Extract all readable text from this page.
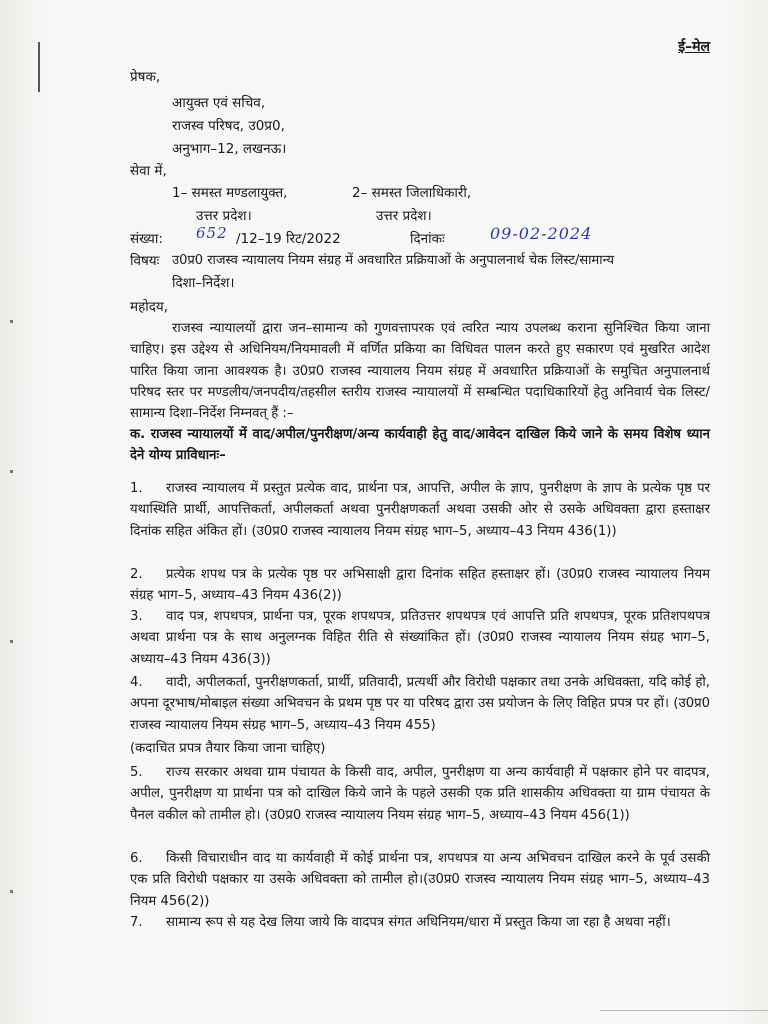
ई–मेल
प्रेषक,
आयुक्त एवं सचिव,
राजस्व परिषद, उ0प्र0,
अनुभाग–12, लखनऊ।
सेवा में,
1– समस्त मण्डलायुक्त,
उत्तर प्रदेश।
2– समस्त जिलाधिकारी,
उत्तर प्रदेश।
संख्या: 652 /12–19 रिट/2022	दिनांकः	09-02-2024
विषयः उ0प्र0 राजस्व न्यायालय नियम संग्रह में अवधारित प्रक्रियाओं के अनुपालनार्थ चेक लिस्ट/सामान्य
दिशा–निर्देश।
महोदय,
राजस्व न्यायालयों द्वारा जन–सामान्य को गुणवत्तापरक एवं त्वरित न्याय उपलब्ध कराना सुनिश्चित किया जाना चाहिए। इस उद्देश्य से अधिनियम/नियमावली में वर्णित प्रकिया का विधिवत पालन करते हुए सकारण एवं मुखरित आदेश पारित किया जाना आवश्यक है। उ0प्र0 राजस्व न्यायालय नियम संग्रह में अवधारित प्रक्रियाओं के समुचित अनुपालनार्थ परिषद स्तर पर मण्डलीय/जनपदीय/तहसील स्तरीय राजस्व न्यायालयों में सम्बन्धित पदाधिकारियों हेतु अनिवार्य चेक लिस्ट/सामान्य दिशा–निर्देश निम्नवत् हैं :–
क. राजस्व न्यायालयों में वाद/अपील/पुनरीक्षण/अन्य कार्यवाही हेतु वाद/आवेदन दाखिल किये जाने के समय विशेष ध्यान देने योग्य प्राविधानः–
1. राजस्व न्यायालय में प्रस्तुत प्रत्येक वाद, प्रार्थना पत्र, आपत्ति, अपील के ज्ञाप, पुनरीक्षण के ज्ञाप के प्रत्येक पृष्ठ पर यथास्थिति प्रार्थी, आपत्तिकर्ता, अपीलकर्ता अथवा पुनरीक्षणकर्ता अथवा उसकी ओर से उसके अधिवक्ता द्वारा हस्ताक्षर दिनांक सहित अंकित हों। (उ0प्र0 राजस्व न्यायालय नियम संग्रह भाग–5, अध्याय–43 नियम 436(1))
2. प्रत्येक शपथ पत्र के प्रत्येक पृष्ठ पर अभिसाक्षी द्वारा दिनांक सहित हस्ताक्षर हों। (उ0प्र0 राजस्व न्यायालय नियम संग्रह भाग–5, अध्याय–43 नियम 436(2))
3. वाद पत्र, शपथपत्र, प्रार्थना पत्र, पूरक शपथपत्र, प्रतिउत्तर शपथपत्र एवं आपत्ति प्रति शपथपत्र, पूरक प्रतिशपथपत्र अथवा प्रार्थना पत्र के साथ अनुलग्नक विहित रीति से संख्यांकित हों। (उ0प्र0 राजस्व न्यायालय नियम संग्रह भाग–5, अध्याय–43 नियम 436(3))
4. वादी, अपीलकर्ता, पुनरीक्षणकर्ता, प्रार्थी, प्रतिवादी, प्रत्यर्थी और विरोधी पक्षकार तथा उनके अधिवक्ता, यदि कोई हो, अपना दूरभाष/मोबाइल संख्या अभिवचन के प्रथम पृष्ठ पर या परिषद द्वारा उस प्रयोजन के लिए विहित प्रपत्र पर हों। (उ0प्र0 राजस्व न्यायालय नियम संग्रह भाग–5, अध्याय–43 नियम 455)
(कदाचित प्रपत्र तैयार किया जाना चाहिए)
5. राज्य सरकार अथवा ग्राम पंचायत के किसी वाद, अपील, पुनरीक्षण या अन्य कार्यवाही में पक्षकार होने पर वादपत्र, अपील, पुनरीक्षण या प्रार्थना पत्र को दाखिल किये जाने के पहले उसकी एक प्रति शासकीय अधिवक्ता या ग्राम पंचायत के पैनल वकील को तामील हो। (उ0प्र0 राजस्व न्यायालय नियम संग्रह भाग–5, अध्याय–43 नियम 456(1))
6. किसी विचाराधीन वाद या कार्यवाही में कोई प्रार्थना पत्र, शपथपत्र या अन्य अभिवचन दाखिल करने के पूर्व उसकी एक प्रति विरोधी पक्षकार या उसके अधिवक्ता को तामील हो।(उ0प्र0 राजस्व न्यायालय नियम संग्रह भाग–5, अध्याय–43 नियम 456(2))
7. सामान्य रूप से यह देख लिया जाये कि वादपत्र संगत अधिनियम/धारा में प्रस्तुत किया जा रहा है अथवा नहीं।
